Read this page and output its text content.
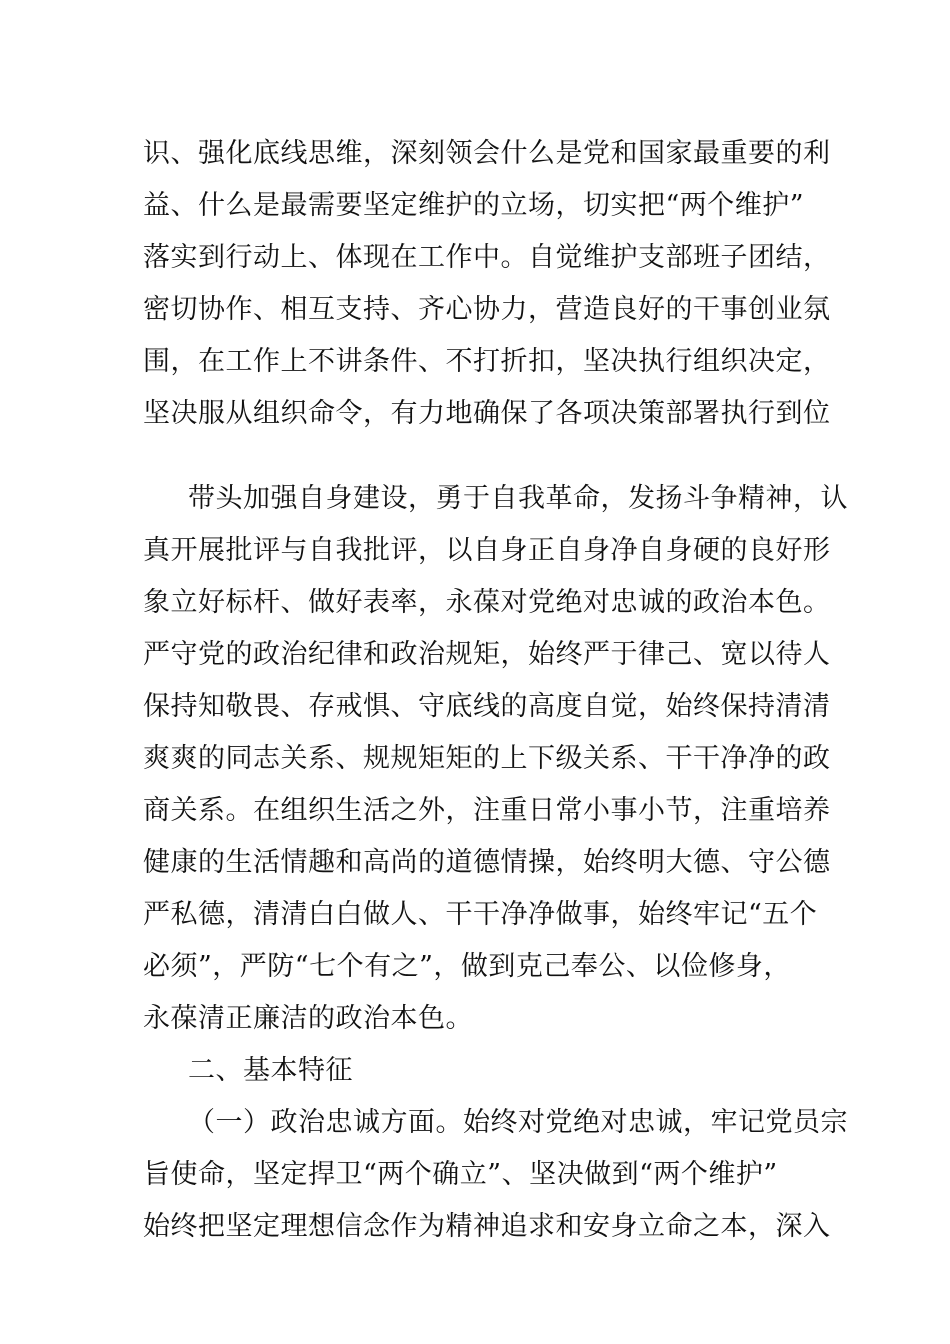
识、强化底线思维，深刻领会什么是党和国家最重要的利
益、什么是最需要坚定维护的立场，切实把“两个维护”
落实到行动上、体现在工作中。自觉维护支部班子团结，
密切协作、相互支持、齐心协力，营造良好的干事创业氛
围，在工作上不讲条件、不打折扣，坚决执行组织决定，
坚决服从组织命令，有力地确保了各项决策部署执行到位
带头加强自身建设，勇于自我革命，发扬斗争精神，认
真开展批评与自我批评，以自身正自身净自身硬的良好形
象立好标杆、做好表率，永葆对党绝对忠诚的政治本色。
严守党的政治纪律和政治规矩，始终严于律己、宽以待人
保持知敬畏、存戒惧、守底线的高度自觉，始终保持清清
爽爽的同志关系、规规矩矩的上下级关系、干干净净的政
商关系。在组织生活之外，注重日常小事小节，注重培养
健康的生活情趣和高尚的道德情操，始终明大德、守公德
严私德，清清白白做人、干干净净做事，始终牢记“五个
必须”，严防“七个有之”，做到克己奉公、以俭修身，
永葆清正廉洁的政治本色。
二、基本特征
（一）政治忠诚方面。始终对党绝对忠诚，牢记党员宗
旨使命，坚定捍卫“两个确立”、坚决做到“两个维护”
始终把坚定理想信念作为精神追求和安身立命之本，深入
